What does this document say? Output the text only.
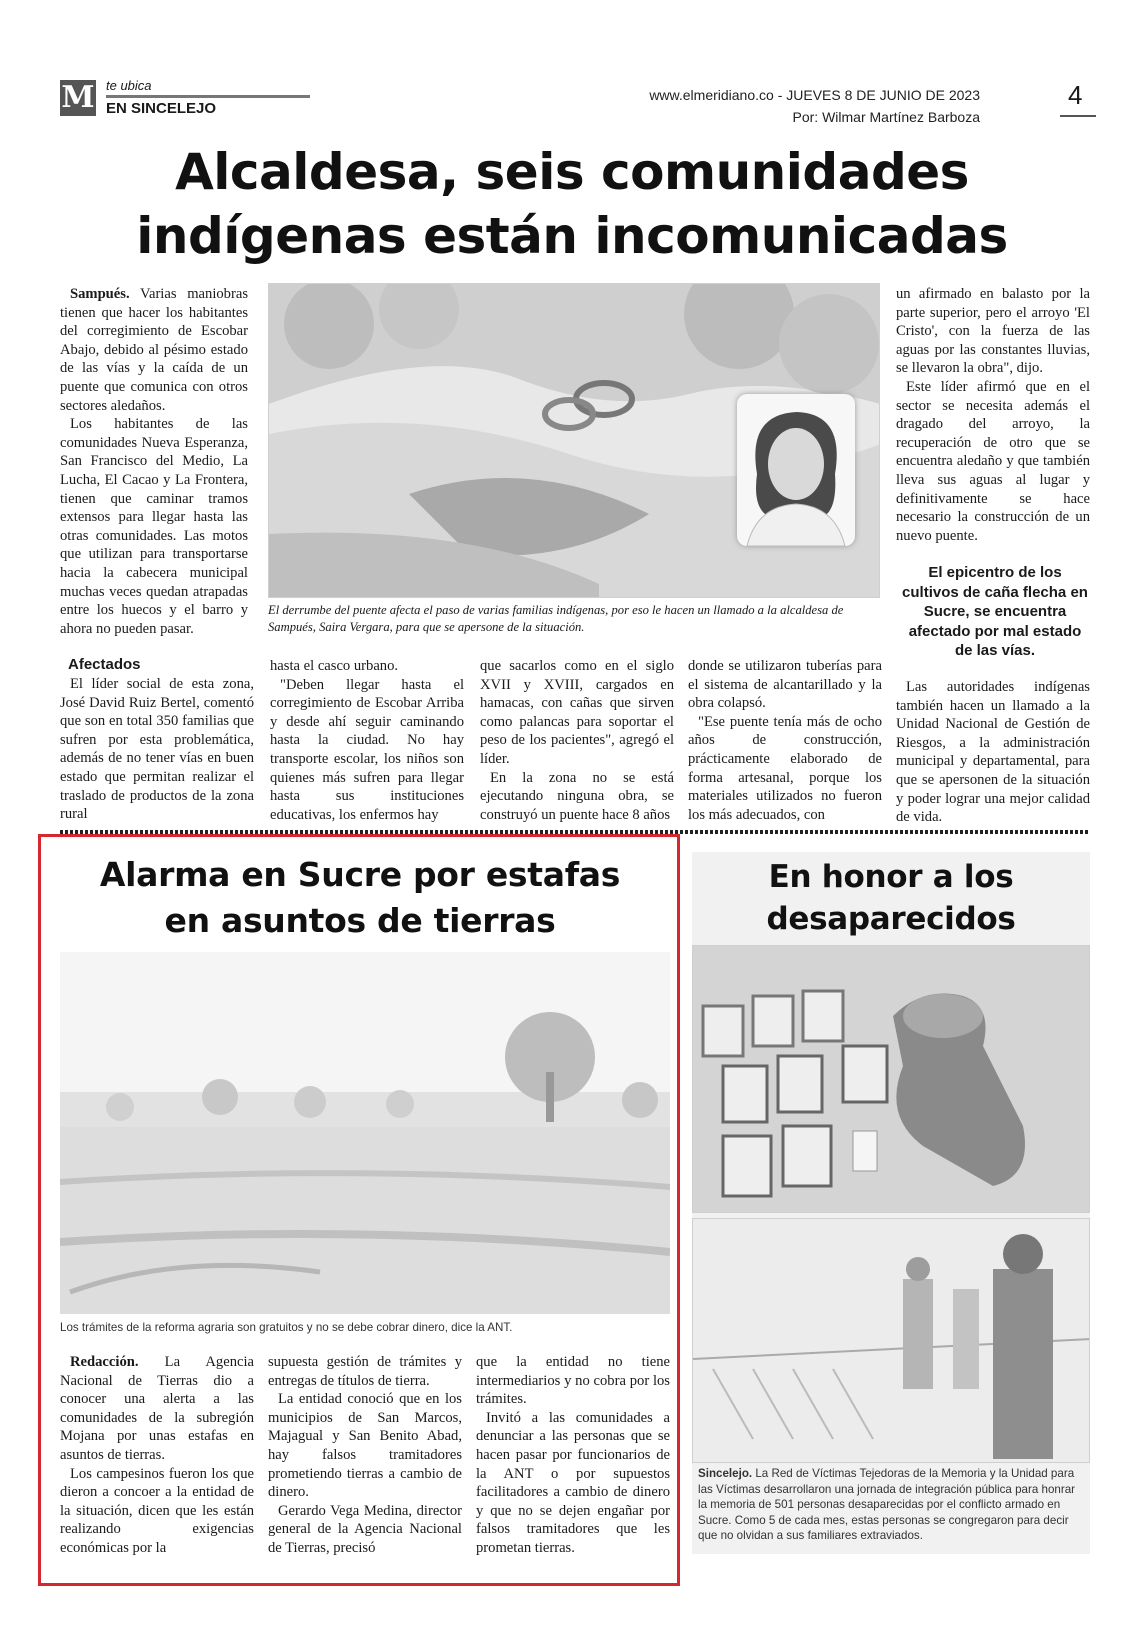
M te ubica
EN SINCELEJO
www.elmeridiano.co - JUEVES 8 DE JUNIO DE 2023
Por: Wilmar Martínez Barboza
4
Alcaldesa, seis comunidades
indígenas están incomunicadas

Sampués. Varias maniobras tienen que hacer los habitantes del corregimiento de Escobar Abajo, debido al pésimo estado de las vías y la caída de un puente que comunica con otros sectores aledaños.

Los habitantes de las comunidades Nueva Esperanza, San Francisco del Medio, La Lucha, El Cacao y La Frontera, tienen que caminar tramos extensos para llegar hasta las otras comunidades. Las motos que utilizan para transportarse hacia la cabecera municipal muchas veces quedan atrapadas entre los huecos y el barro y ahora no pueden pasar.

El derrumbe del puente afecta el paso de varias familias indígenas, por eso le hacen un llamado a la alcaldesa de Sampués, Saira Vergara, para que se apersone de la situación.

un afirmado en balasto por la parte superior, pero el arroyo 'El Cristo', con la fuerza de las aguas por las constantes lluvias, se llevaron la obra", dijo.

Este líder afirmó que en el sector se necesita además el dragado del arroyo, la recuperación de otro que se encuentra aledaño y que también lleva sus aguas al lugar y definitivamente se hace necesario la construcción de un nuevo puente.

El epicentro de los cultivos de caña flecha en Sucre, se encuentra afectado por mal estado de las vías.

Las autoridades indígenas también hacen un llamado a la Unidad Nacional de Gestión de Riesgos, a la administración municipal y departamental, para que se apersonen de la situación y poder lograr una mejor calidad de vida.

Afectados

El líder social de esta zona, José David Ruiz Bertel, comentó que son en total 350 familias que sufren por esta problemática, además de no tener vías en buen estado que permitan realizar el traslado de productos de la zona rural

hasta el casco urbano.

"Deben llegar hasta el corregimiento de Escobar Arriba y desde ahí seguir caminando hasta la ciudad. No hay transporte escolar, los niños son quienes más sufren para llegar hasta sus instituciones educativas, los enfermos hay

que sacarlos como en el siglo XVII y XVIII, cargados en hamacas, con cañas que sirven como palancas para soportar el peso de los pacientes", agregó el líder.

En la zona no se está ejecutando ninguna obra, se construyó un puente hace 8 años

donde se utilizaron tuberías para el sistema de alcantarillado y la obra colapsó.

"Ese puente tenía más de ocho años de construcción, prácticamente elaborado de forma artesanal, porque los materiales utilizados no fueron los más adecuados, con

Alarma en Sucre por estafas
en asuntos de tierras
Los trámites de la reforma agraria son gratuitos y no se debe cobrar dinero, dice la ANT.

Redacción. La Agencia Nacional de Tierras dio a conocer una alerta a las comunidades de la subregión Mojana por unas estafas en asuntos de tierras.

Los campesinos fueron los que dieron a concoer a la entidad de la situación, dicen que les están realizando exigencias económicas por la

supuesta gestión de trámites y entregas de títulos de tierra.

La entidad conoció que en los municipios de San Marcos, Majagual y San Benito Abad, hay falsos tramitadores prometiendo tierras a cambio de dinero.

Gerardo Vega Medina, director general de la Agencia Nacional de Tierras, precisó

que la entidad no tiene intermediarios y no cobra por los trámites.

Invitó a las comunidades a denunciar a las personas que se hacen pasar por funcionarios de la ANT o por supuestos facilitadores a cambio de dinero y que no se dejen engañar por falsos tramitadores que les prometan tierras.

En honor a los
desaparecidos
Sincelejo. La Red de Víctimas Tejedoras de la Memoria y la Unidad para las Víctimas desarrollaron una jornada de integración pública para honrar la memoria de 501 personas desaparecidas por el conflicto armado en Sucre. Como 5 de cada mes, estas personas se congregaron para decir que no olvidan a sus familiares extraviados.
